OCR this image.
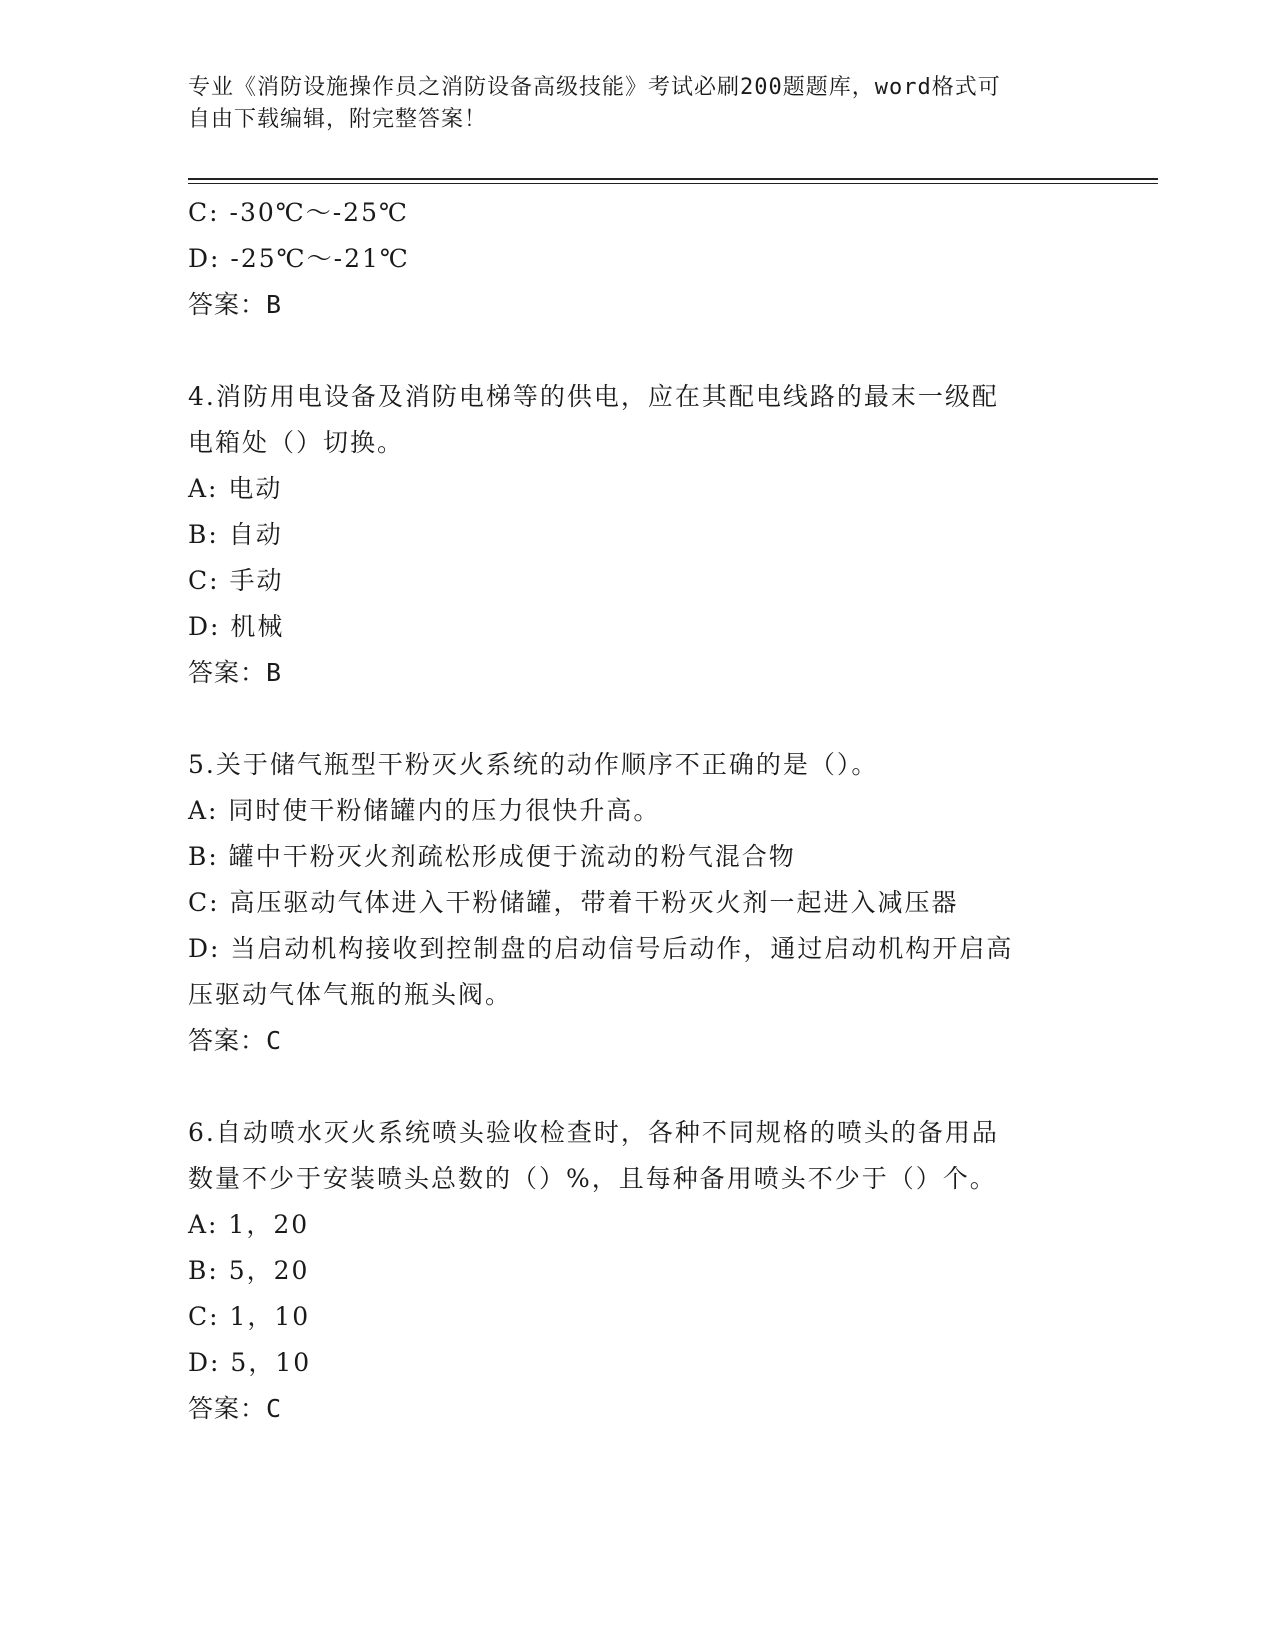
专业《消防设施操作员之消防设备高级技能》考试必刷200题题库，word格式可
自由下载编辑，附完整答案！
C: -30℃～-25℃
D: -25℃～-21℃
答案：B
4.消防用电设备及消防电梯等的供电，应在其配电线路的最末一级配
电箱处（）切换。
A: 电动
B: 自动
C: 手动
D: 机械
答案：B
5.关于储气瓶型干粉灭火系统的动作顺序不正确的是（）。
A: 同时使干粉储罐内的压力很快升高。
B: 罐中干粉灭火剂疏松形成便于流动的粉气混合物
C: 高压驱动气体进入干粉储罐，带着干粉灭火剂一起进入减压器
D: 当启动机构接收到控制盘的启动信号后动作，通过启动机构开启高
压驱动气体气瓶的瓶头阀。
答案：C
6.自动喷水灭火系统喷头验收检查时，各种不同规格的喷头的备用品
数量不少于安装喷头总数的（）%，且每种备用喷头不少于（）个。
A: 1，20
B: 5，20
C: 1，10
D: 5，10
答案：C
